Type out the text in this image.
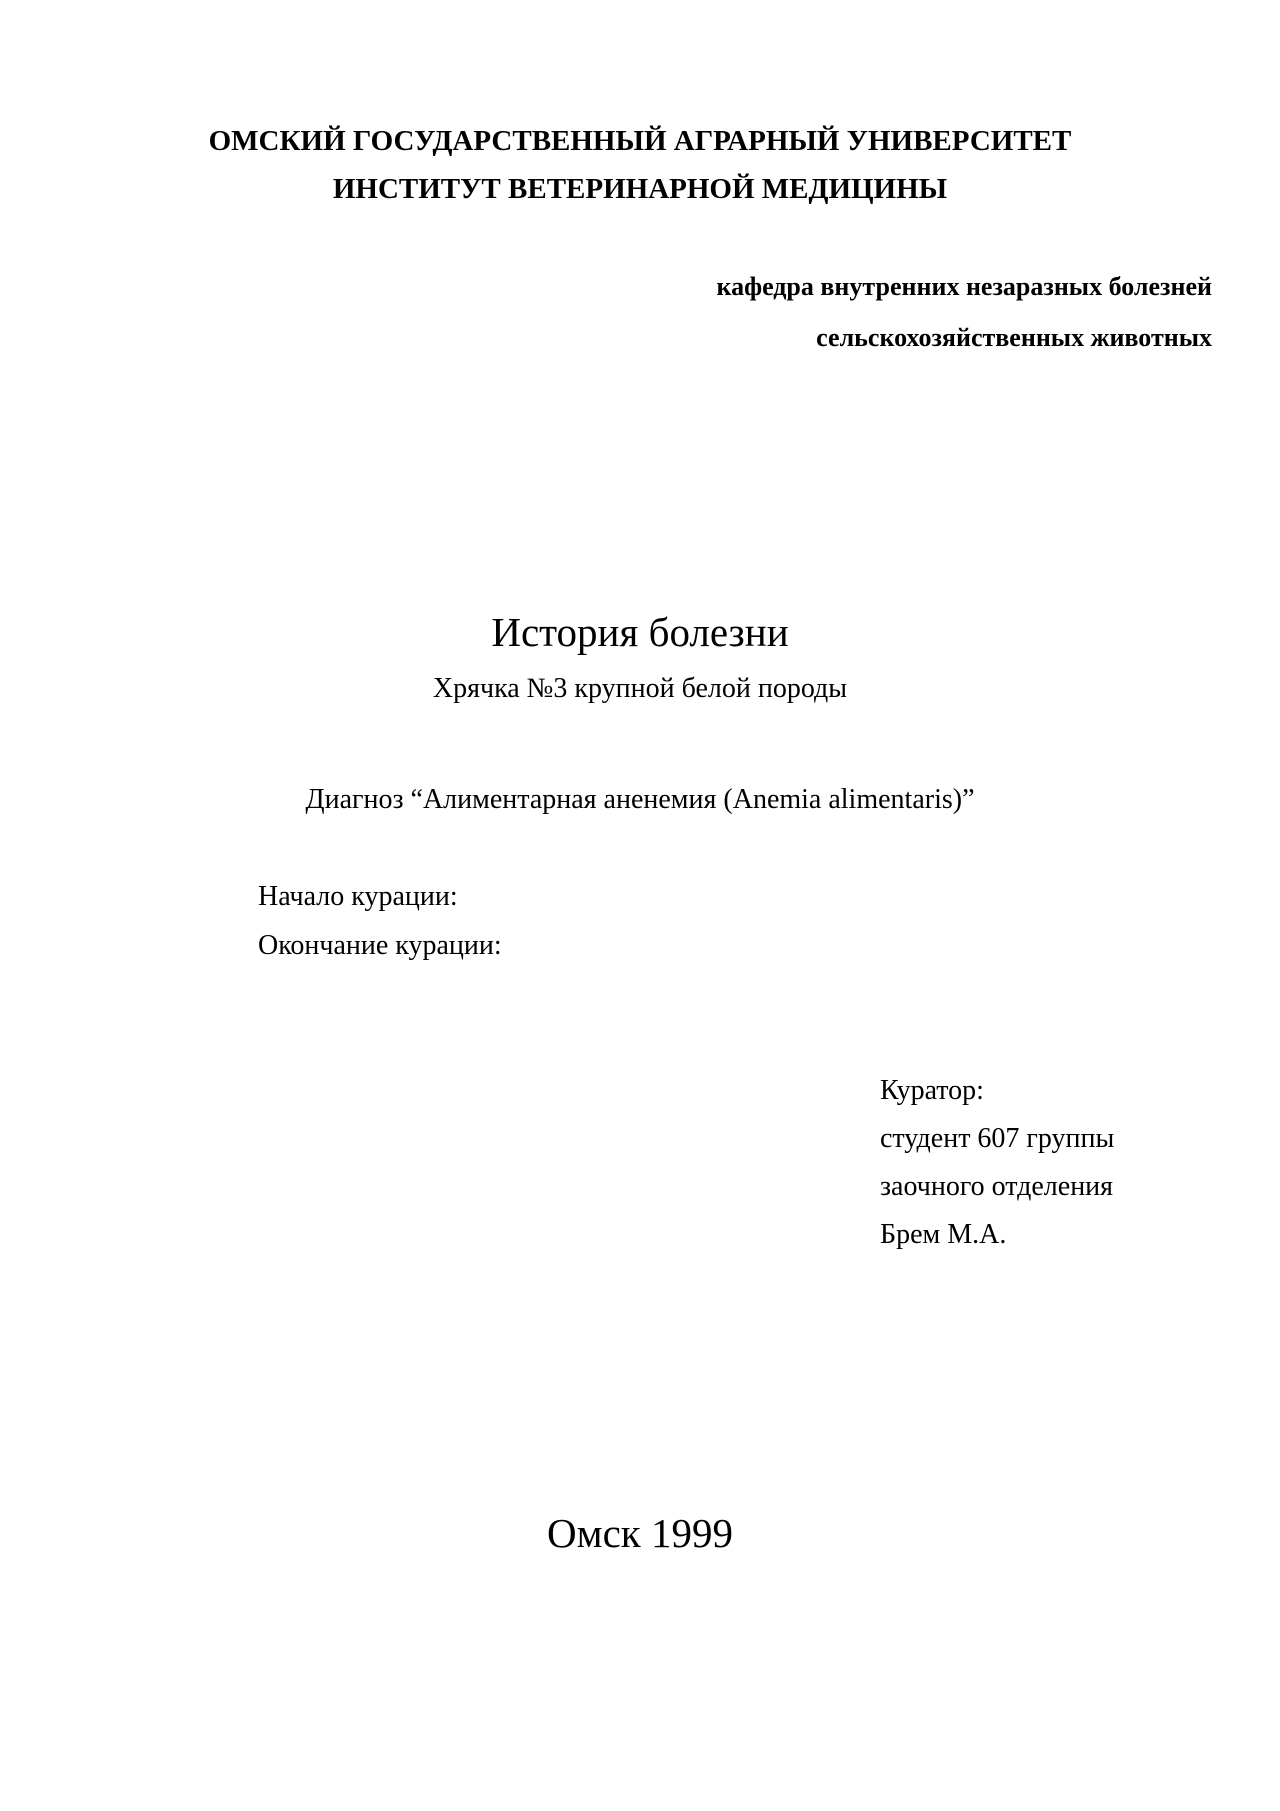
ОМСКИЙ ГОСУДАРСТВЕННЫЙ АГРАРНЫЙ УНИВЕРСИТЕТ
ИНСТИТУТ ВЕТЕРИНАРНОЙ МЕДИЦИНЫ
кафедра внутренних незаразных болезней
сельскохозяйственных животных
История болезни
Хрячка №3 крупной белой породы
Диагноз “Алиментарная аненемия (Anemia alimentaris)”
Начало курации:
Окончание курации:
Куратор:
студент 607 группы
заочного отделения
Брем М.А.
Омск 1999
